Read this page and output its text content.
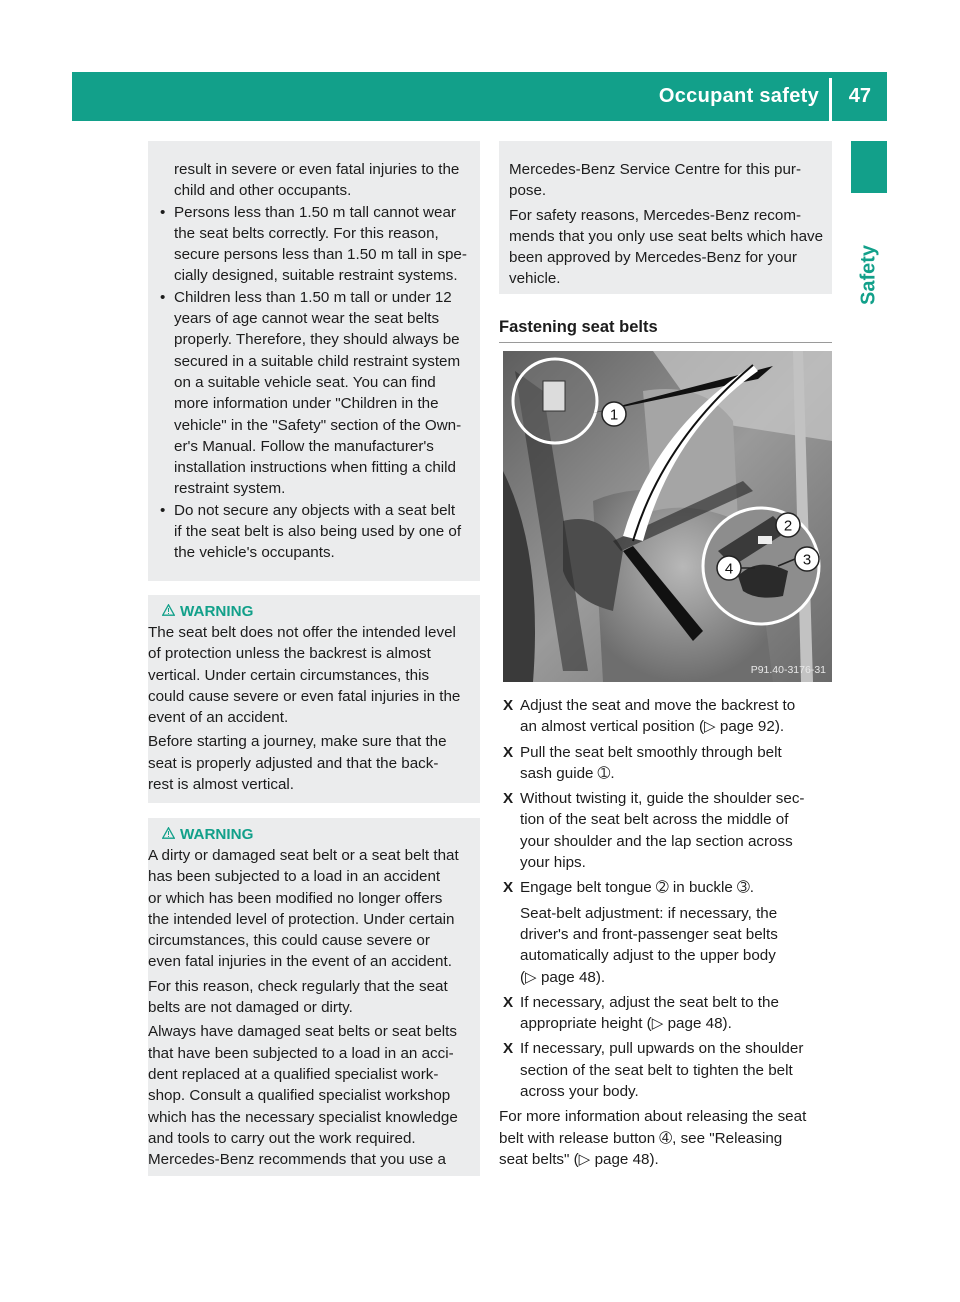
Occupant safety 47
Safety

result in severe or even fatal injuries to the

child and other occupants.

• Persons less than 1.50 m tall cannot wear

the seat belts correctly. For this reason,

secure persons less than 1.50 m tall in spe-

cially designed, suitable restraint systems.

• Children less than 1.50 m tall or under 12

years of age cannot wear the seat belts

properly. Therefore, they should always be

secured in a suitable child restraint system

on a suitable vehicle seat. You can find

more information under "Children in the

vehicle" in the "Safety" section of the Own-

er's Manual. Follow the manufacturer's

installation instructions when fitting a child

restraint system.

• Do not secure any objects with a seat belt

if the seat belt is also being used by one of

the vehicle's occupants.

WARNING

The seat belt does not offer the intended level

of protection unless the backrest is almost

vertical. Under certain circumstances, this

could cause severe or even fatal injuries in the

event of an accident.

Before starting a journey, make sure that the

seat is properly adjusted and that the back-

rest is almost vertical.

WARNING

A dirty or damaged seat belt or a seat belt that

has been subjected to a load in an accident

or which has been modified no longer offers

the intended level of protection. Under certain

circumstances, this could cause severe or

even fatal injuries in the event of an accident.

For this reason, check regularly that the seat

belts are not damaged or dirty.

Always have damaged seat belts or seat belts

that have been subjected to a load in an acci-

dent replaced at a qualified specialist work-

shop. Consult a qualified specialist workshop

which has the necessary specialist knowledge

and tools to carry out the work required.

Mercedes-Benz recommends that you use a

Mercedes-Benz Service Centre for this pur-

pose.

For safety reasons, Mercedes-Benz recom-

mends that you only use seat belts which have

been approved by Mercedes-Benz for your

vehicle.

Fastening seat belts
1
2
3
4
P91.40-3176-31
X Adjust the seat and move the backrest to

an almost vertical position (▷ page 92).

X Pull the seat belt smoothly through belt

sash guide ➀.

X Without twisting it, guide the shoulder sec-

tion of the seat belt across the middle of

your shoulder and the lap section across

your hips.

X Engage belt tongue ➁ in buckle ➂.

Seat-belt adjustment: if necessary, the

driver's and front-passenger seat belts

automatically adjust to the upper body

(▷ page 48).

X If necessary, adjust the seat belt to the

appropriate height (▷ page 48).

X If necessary, pull upwards on the shoulder

section of the seat belt to tighten the belt

across your body.

For more information about releasing the seat

belt with release button ➃, see "Releasing

seat belts" (▷ page 48).
